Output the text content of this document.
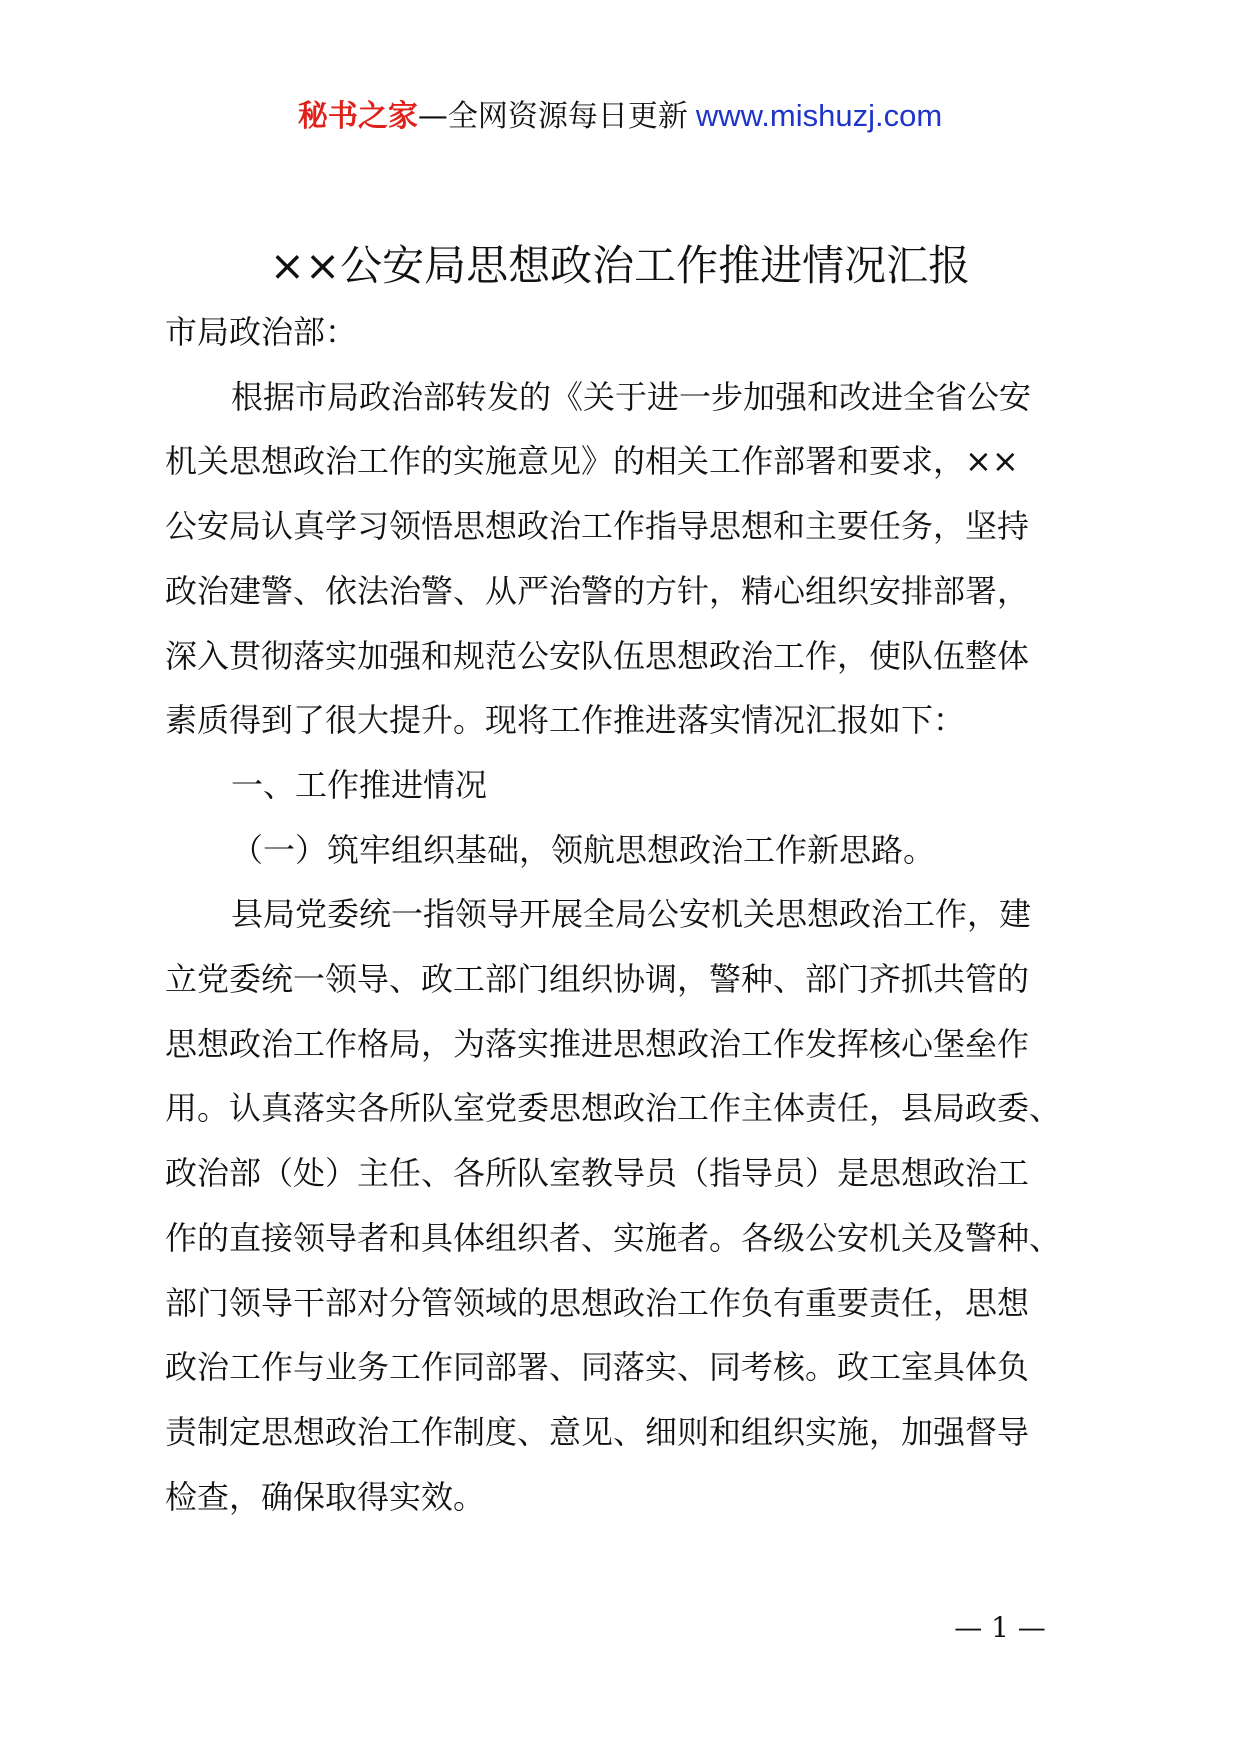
秘书之家—全网资源每日更新 www.mishuzj.com
××公安局思想政治工作推进情况汇报

市局政治部：

根据市局政治部转发的《关于进一步加强和改进全省公安

机关思想政治工作的实施意见》的相关工作部署和要求，××

公安局认真学习领悟思想政治工作指导思想和主要任务，坚持

政治建警、依法治警、从严治警的方针，精心组织安排部署，

深入贯彻落实加强和规范公安队伍思想政治工作，使队伍整体

素质得到了很大提升。现将工作推进落实情况汇报如下：

一、工作推进情况

（一）筑牢组织基础，领航思想政治工作新思路。

县局党委统一指领导开展全局公安机关思想政治工作，建

立党委统一领导、政工部门组织协调，警种、部门齐抓共管的

思想政治工作格局，为落实推进思想政治工作发挥核心堡垒作

用。认真落实各所队室党委思想政治工作主体责任，县局政委、

政治部（处）主任、各所队室教导员（指导员）是思想政治工

作的直接领导者和具体组织者、实施者。各级公安机关及警种、

部门领导干部对分管领域的思想政治工作负有重要责任，思想

政治工作与业务工作同部署、同落实、同考核。政工室具体负

责制定思想政治工作制度、意见、细则和组织实施，加强督导

检查，确保取得实效。

— 1 —
